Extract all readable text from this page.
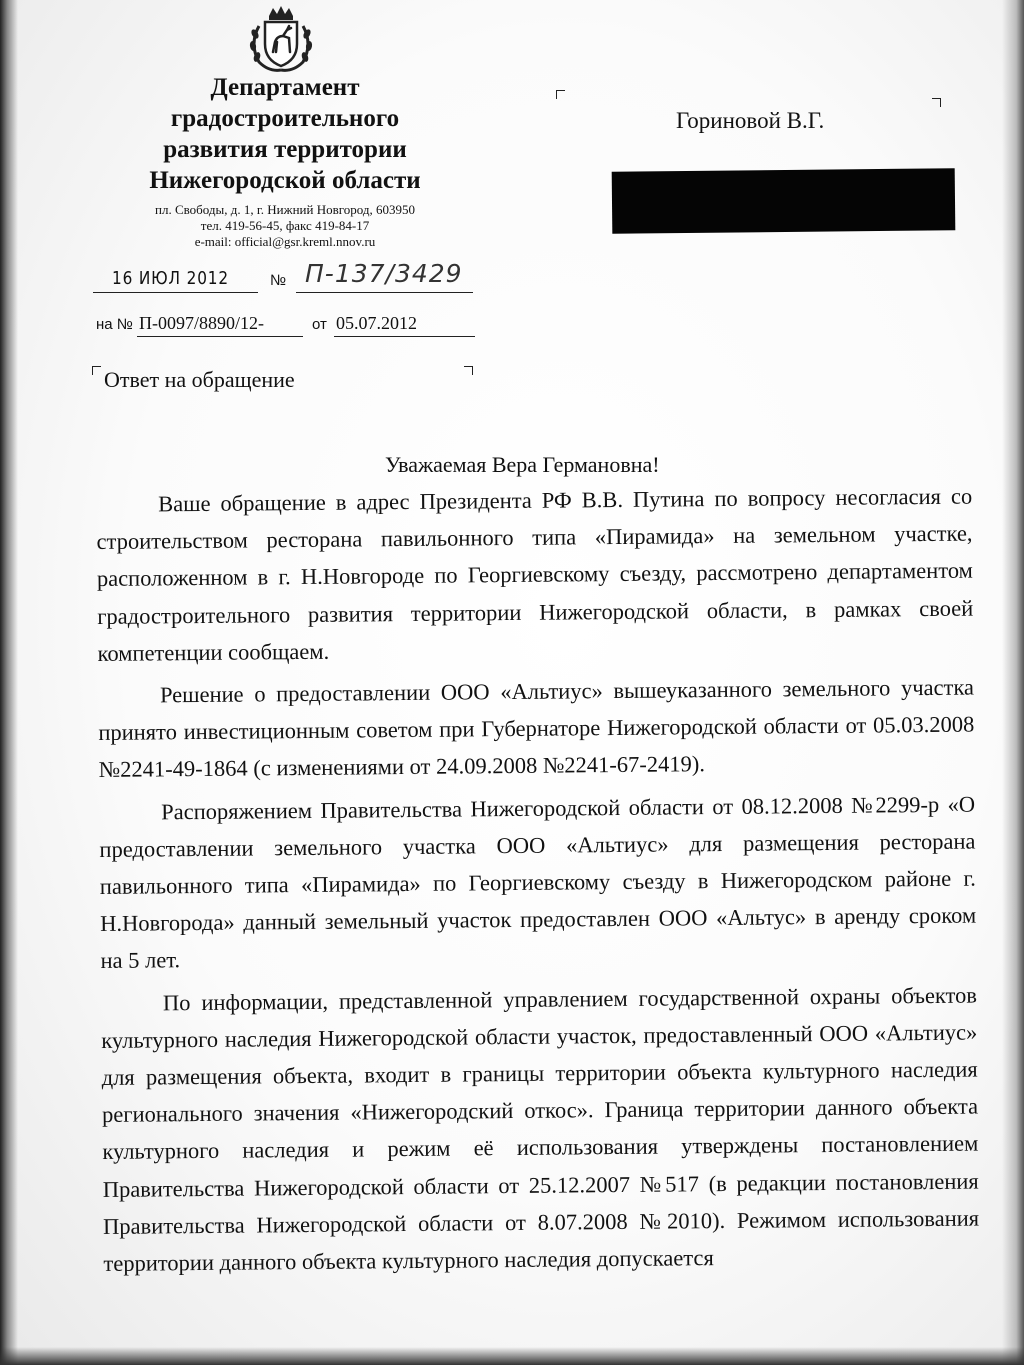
Департамент
градостроительного
развития территории
Нижегородской области
пл. Свободы, д. 1, г. Нижний Новгород, 603950
тел. 419-56-45, факс 419-84-17
e-mail: official@gsr.kreml.nnov.ru
16 ИЮЛ 2012	№ П-137/3429
на № П-0097/8890/12-	от 05.07.2012
Ответ на обращение
Гориновой В.Г.
Уважаемая Вера Германовна!

Ваше обращение в адрес Президента РФ В.В. Путина по вопросу несогласия со строительством ресторана павильонного типа «Пирамида» на земельном участке, расположенном в г. Н.Новгороде по Георгиевскому съезду, рассмотрено департаментом градостроительного развития территории Нижегородской области, в рамках своей компетенции сообщаем.

Решение о предоставлении ООО «Альтиус» вышеуказанного земельного участка принято инвестиционным советом при Губернаторе Нижегородской области от 05.03.2008 №2241-49-1864 (с изменениями от 24.09.2008 №2241-67-2419).

Распоряжением Правительства Нижегородской области от 08.12.2008 №2299-р «О предоставлении земельного участка ООО «Альтиус» для размещения ресторана павильонного типа «Пирамида» по Георгиевскому съезду в Нижегородском районе г. Н.Новгорода» данный земельный участок предоставлен ООО «Альтус» в аренду сроком на 5 лет.

По информации, представленной управлением государственной охраны объектов культурного наследия Нижегородской области участок, предоставленный ООО «Альтиус» для размещения объекта, входит в границы территории объекта культурного наследия регионального значения «Нижегородский откос». Граница территории данного объекта культурного наследия и режим её использования утверждены постановлением Правительства Нижегородской области от 25.12.2007 №517 (в редакции постановления Правительства Нижегородской области от 8.07.2008 №2010). Режимом использования территории данного объекта культурного наследия допускается
